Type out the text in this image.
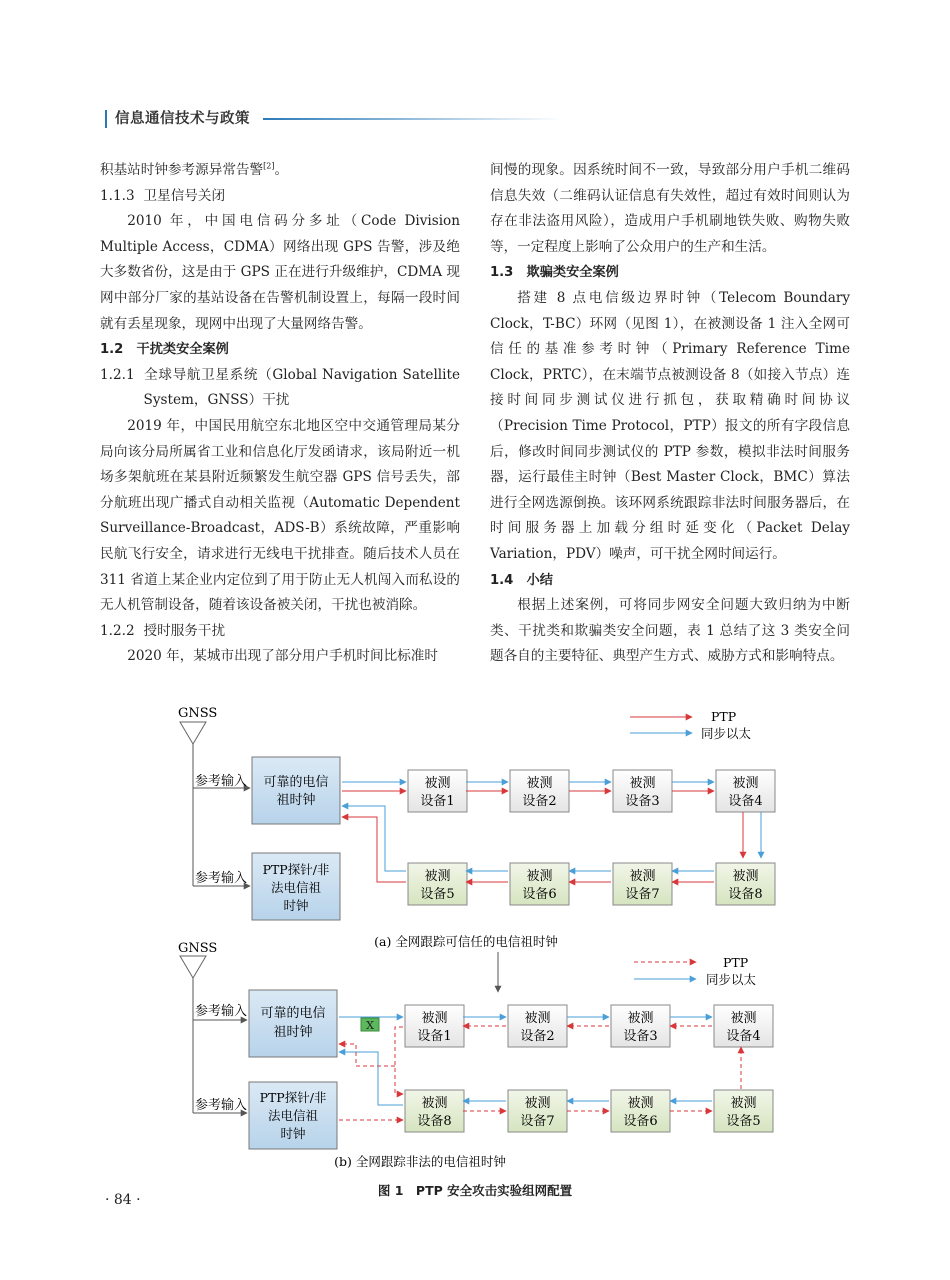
信息通信技术与政策

积基站时钟参考源异常告警[2]。

1.1.3 卫星信号关闭

2010 年，中国电信码分多址（Code Division Multiple Access，CDMA）网络出现 GPS 告警，涉及绝大多数省份，这是由于 GPS 正在进行升级维护，CDMA 现网中部分厂家的基站设备在告警机制设置上，每隔一段时间就有丢星现象，现网中出现了大量网络告警。

1.2　干扰类安全案例

1.2.1 全球导航卫星系统（Global Navigation Satellite System，GNSS）干扰

2019 年，中国民用航空东北地区空中交通管理局某分局向该分局所属省工业和信息化厅发函请求，该局附近一机场多架航班在某县附近频繁发生航空器 GPS 信号丢失，部分航班出现广播式自动相关监视（Automatic Dependent Surveillance-Broadcast，ADS-B）系统故障，严重影响民航飞行安全，请求进行无线电干扰排查。随后技术人员在 311 省道上某企业内定位到了用于防止无人机闯入而私设的无人机管制设备，随着该设备被关闭，干扰也被消除。

1.2.2 授时服务干扰

2020 年，某城市出现了部分用户手机时间比标准时

间慢的现象。因系统时间不一致，导致部分用户手机二维码信息失效（二维码认证信息有失效性，超过有效时间则认为存在非法盗用风险），造成用户手机刷地铁失败、购物失败等，一定程度上影响了公众用户的生产和生活。

1.3　欺骗类安全案例

搭建 8 点电信级边界时钟（Telecom Boundary Clock，T-BC）环网（见图 1），在被测设备 1 注入全网可信任的基准参考时钟（Primary Reference Time Clock，PRTC），在末端节点被测设备 8（如接入节点）连接时间同步测试仪进行抓包，获取精确时间协议（Precision Time Protocol，PTP）报文的所有字段信息后，修改时间同步测试仪的 PTP 参数，模拟非法时间服务器，运行最佳主时钟（Best Master Clock，BMC）算法进行全网选源倒换。该环网系统跟踪非法时间服务器后，在时间服务器上加载分组时延变化（Packet Delay Variation，PDV）噪声，可干扰全网时间运行。

1.4　小结

根据上述案例，可将同步网安全问题大致归纳为中断类、干扰类和欺骗类安全问题，表 1 总结了这 3 类安全问题各自的主要特征、典型产生方式、威胁方式和影响特点。

GNSS
参考输入
参考输入
可靠的电信
祖时钟
PTP探针/非
法电信祖
时钟
被测
设备1
被测
设备2
被测
设备3
被测
设备4
被测
设备8
被测
设备7
被测
设备6
被测
设备5
PTP
同步以太
(a) 全网跟踪可信任的电信祖时钟
GNSS
参考输入
参考输入
可靠的电信
祖时钟
PTP探针/非
法电信祖
时钟
被测
设备1
被测
设备2
被测
设备3
被测
设备4
被测
设备5
被测
设备6
被测
设备7
被测
设备8
X
PTP
同步以太
(b) 全网跟踪非法的电信祖时钟
图 1　PTP 安全攻击实验组网配置
· 84 ·
